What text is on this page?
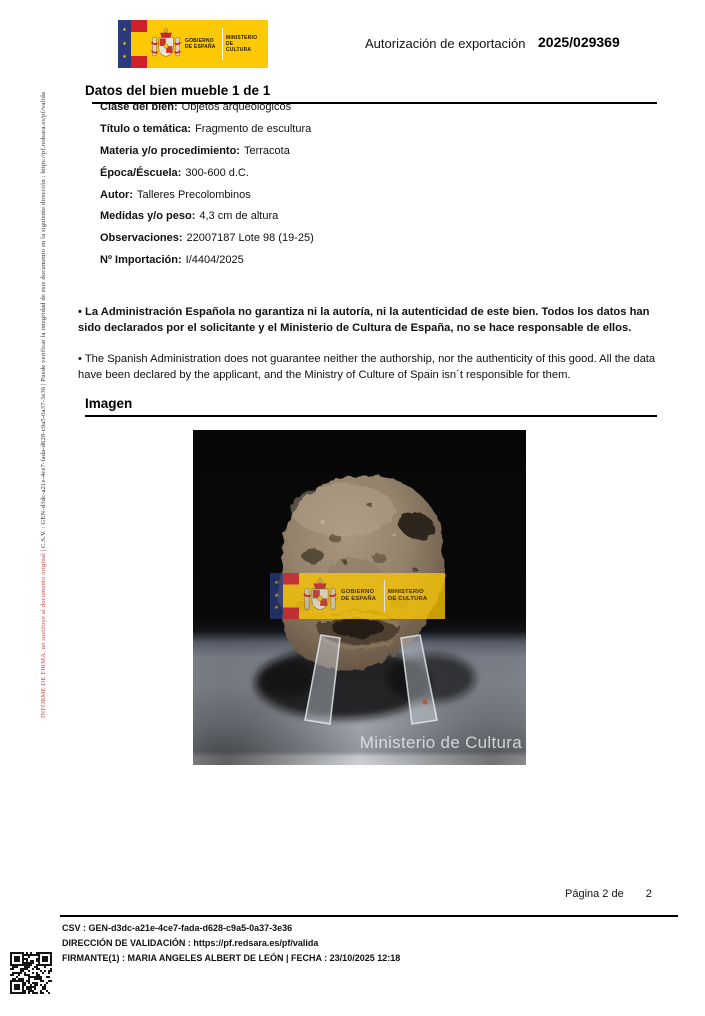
INFORME DE FIRMA, no sustituye al documento original | C.S.V. : GEN-d3dc-a21e-4ce7-fada-d628-c9a5-0a37-3e36 | Puede verificar la integridad de este documento en la siguiente dirección : https://pf.redsara.es/pf/valida
★
★
★
GOBIERNO
DE ESPAÑA
MINISTERIO
DE CULTURA	Autorización de exportación 2025/029369
Datos del bien mueble 1 de 1
Clase del bien: Objetos arqueológicos
Título o temática: Fragmento de escultura
Materia y/o procedimiento: Terracota
Época/Éscuela: 300-600 d.C.
Autor: Talleres Precolombinos
Medidas y/o peso: 4,3 cm de altura
Observaciones: 22007187 Lote 98 (19-25)
Nº Importación: I/4404/2025
• La Administración Española no garantiza ni la autoría, ni la autenticidad de este bien. Todos los datos han sido declarados por el solicitante y el Ministerio de Cultura de España, no se hace responsable de ellos.
• The Spanish Administration does not guarantee neither the authorship, nor the authenticity of this good. All the data have been declared by the applicant, and the Ministry of Culture of Spain isn´t responsible for them.
Imagen
★
★
★
GOBIERNO
DE ESPAÑA
MINISTERIO
DE CULTURA
Ministerio de Cultura
Página 2 de 2
CSV : GEN-d3dc-a21e-4ce7-fada-d628-c9a5-0a37-3e36
DIRECCIÓN DE VALIDACIÓN : https://pf.redsara.es/pf/valida
FIRMANTE(1) : MARIA ANGELES ALBERT DE LEÓN | FECHA : 23/10/2025 12:18
